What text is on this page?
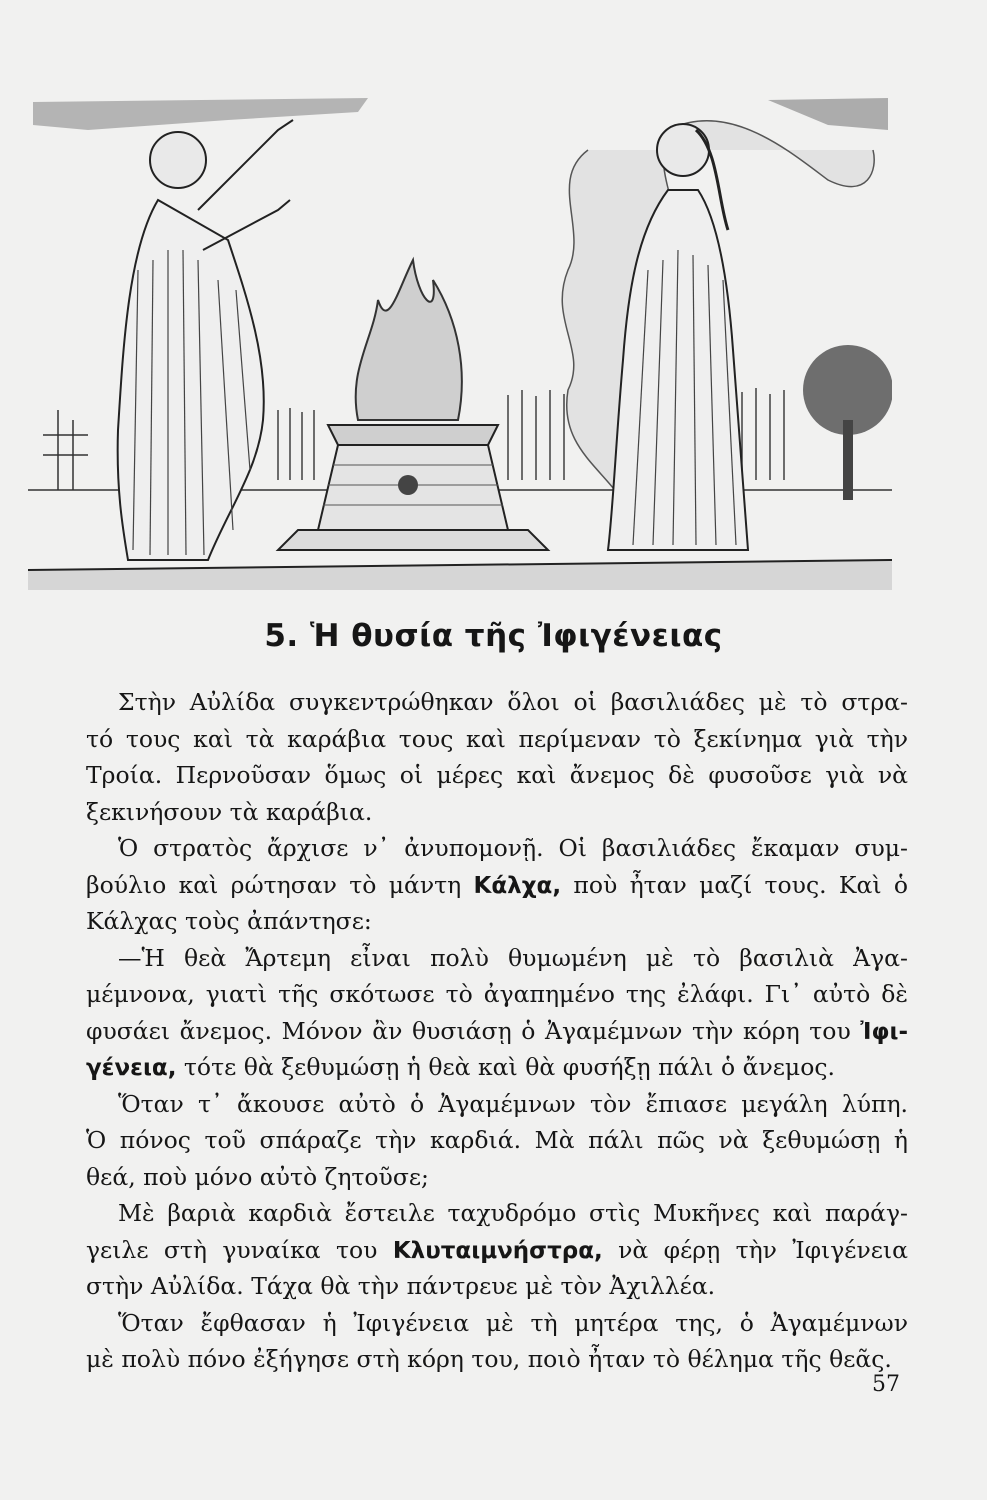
5. Ἡ θυσία τῆς Ἰφιγένειας
Στὴν Αὐλίδα συγκεντρώθηκαν ὅλοι οἱ βασιλιάδες μὲ τὸ στρα-
τό τους καὶ τὰ καράβια τους καὶ περίμεναν τὸ ξεκίνημα γιὰ τὴν
Τροία. Περνοῦσαν ὅμως οἱ μέρες καὶ ἄνεμος δὲ φυσοῦσε γιὰ νὰ
ξεκινήσουν τὰ καράβια.
Ὁ στρατὸς ἄρχισε ν᾽ ἀνυπομονῇ. Οἱ βασιλιάδες ἔκαμαν συμ-
βούλιο καὶ ρώτησαν τὸ μάντη Κάλχα, ποὺ ἦταν μαζί τους. Καὶ ὁ
Κάλχας τοὺς ἀπάντησε:
—Ἡ θεὰ Ἄρτεμη εἶναι πολὺ θυμωμένη μὲ τὸ βασιλιὰ Ἀγα-
μέμνονα, γιατὶ τῆς σκότωσε τὸ ἀγαπημένο της ἐλάφι. Γι᾽ αὐτὸ δὲ
φυσάει ἄνεμος. Μόνον ἂν θυσιάσῃ ὁ Ἀγαμέμνων τὴν κόρη του Ἰφι-
γένεια, τότε θὰ ξεθυμώσῃ ἡ θεὰ καὶ θὰ φυσήξῃ πάλι ὁ ἄνεμος.
Ὅταν τ᾽ ἄκουσε αὐτὸ ὁ Ἀγαμέμνων τὸν ἔπιασε μεγάλη λύπη.
Ὁ πόνος τοῦ σπάραζε τὴν καρδιά. Μὰ πάλι πῶς νὰ ξεθυμώσῃ ἡ
θεά, ποὺ μόνο αὐτὸ ζητοῦσε;
Μὲ βαριὰ καρδιὰ ἔστειλε ταχυδρόμο στὶς Μυκῆνες καὶ παράγ-
γειλε στὴ γυναίκα του Κλυταιμνήστρα, νὰ φέρῃ τὴν Ἰφιγένεια
στὴν Αὐλίδα. Τάχα θὰ τὴν πάντρευε μὲ τὸν Ἀχιλλέα.
Ὅταν ἔφθασαν ἡ Ἰφιγένεια μὲ τὴ μητέρα της, ὁ Ἀγαμέμνων
μὲ πολὺ πόνο ἐξήγησε στὴ κόρη του, ποιὸ ἦταν τὸ θέλημα τῆς θεᾶς.
57
